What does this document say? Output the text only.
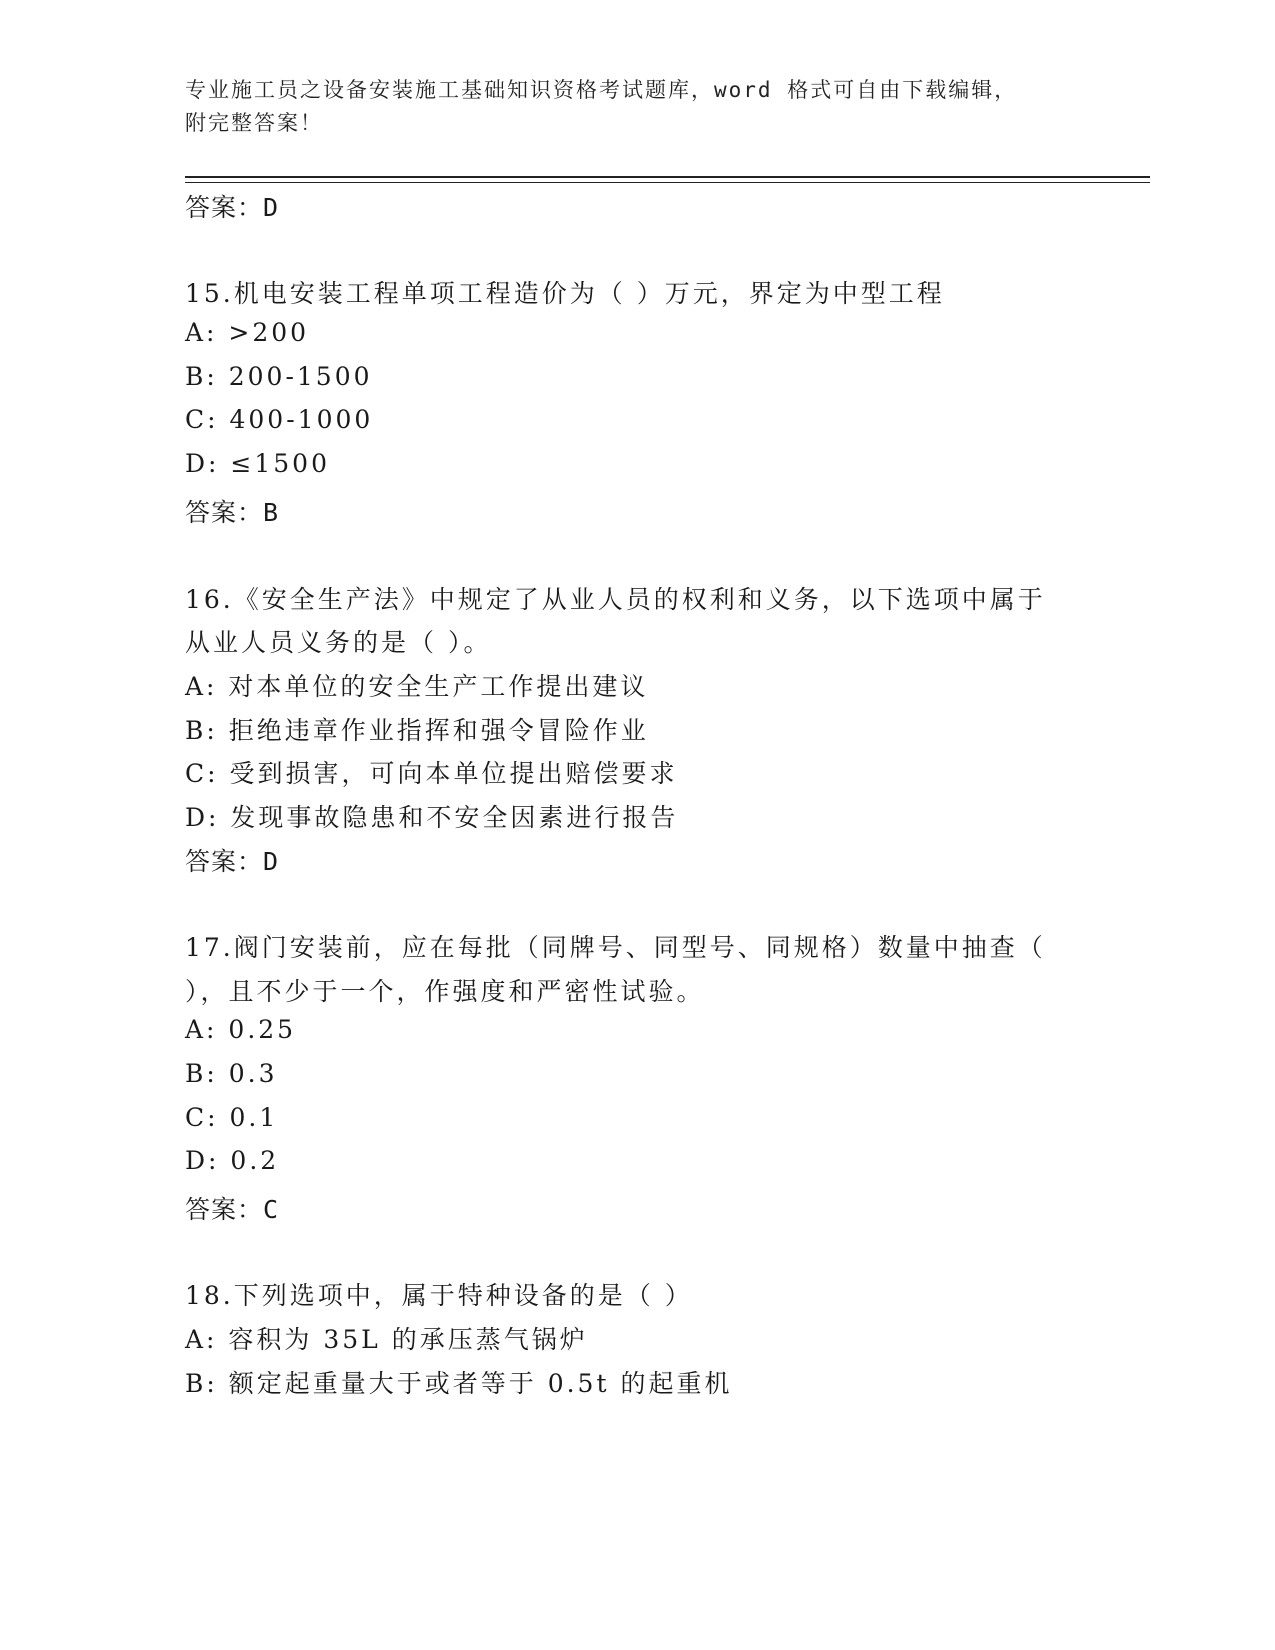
专业施工员之设备安装施工基础知识资格考试题库，word 格式可自由下载编辑，
附完整答案！
答案：D
15.机电安装工程单项工程造价为（ ）万元，界定为中型工程
A: >200
B: 200-1500
C: 400-1000
D: ≤1500
答案：B
16.《安全生产法》中规定了从业人员的权利和义务，以下选项中属于
从业人员义务的是（ ）。
A: 对本单位的安全生产工作提出建议
B: 拒绝违章作业指挥和强令冒险作业
C: 受到损害，可向本单位提出赔偿要求
D: 发现事故隐患和不安全因素进行报告
答案：D
17.阀门安装前，应在每批（同牌号、同型号、同规格）数量中抽查（
），且不少于一个，作强度和严密性试验。
A: 0.25
B: 0.3
C: 0.1
D: 0.2
答案：C
18.下列选项中，属于特种设备的是（ ）
A: 容积为 35L 的承压蒸气锅炉
B: 额定起重量大于或者等于 0.5t 的起重机
